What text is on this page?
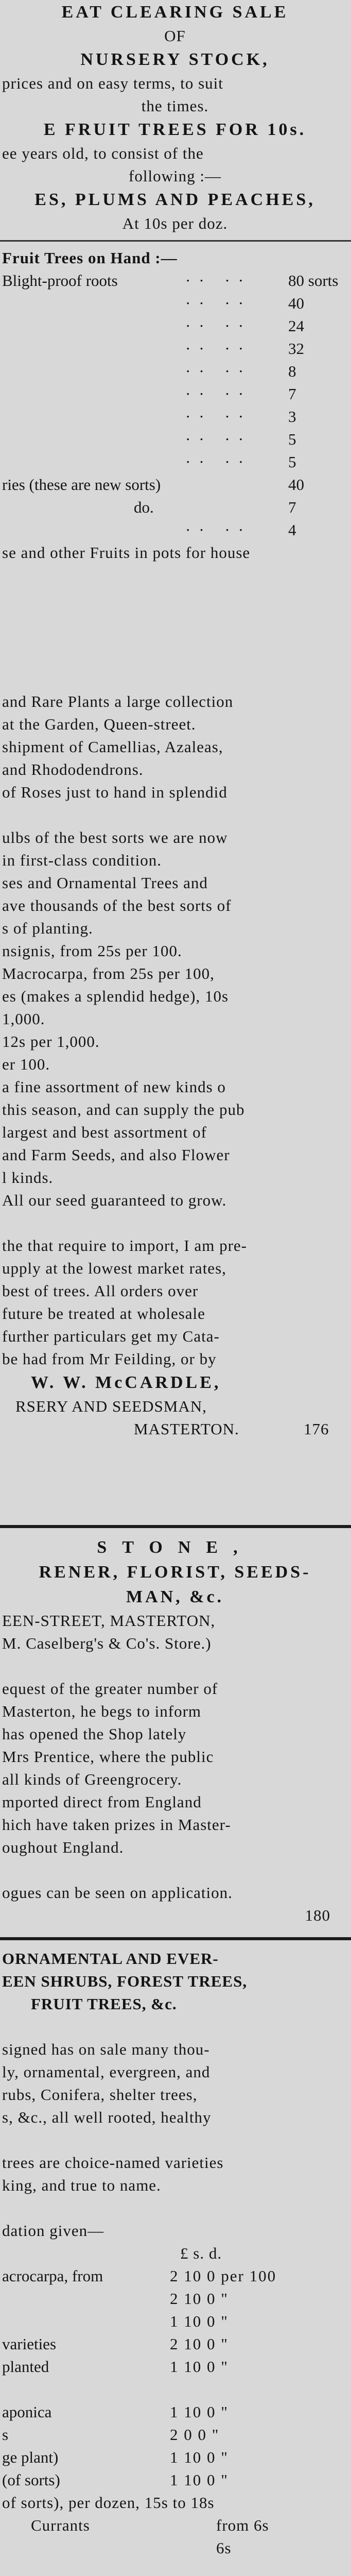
EAT CLEARING SALE

OF

NURSERY STOCK,

prices and on easy terms, to suit

the times.

E FRUIT TREES FOR 10s.

ee years old, to consist of the

following :—

ES, PLUMS AND PEACHES,

At 10s per doz.

Fruit Trees on Hand :—

Blight-proof roots	·· ·· 80 sorts
·· ·· 40
·· ·· 24
·· ·· 32
·· ·· 8
·· ·· 7
·· ·· 3
·· ·· 5
·· ·· 5
ries (these are new sorts)	40
do.	7
·· ·· 4

se and other Fruits in pots for house

and Rare Plants a large collection

at the Garden, Queen-street.

shipment of Camellias, Azaleas,

and Rhododendrons.

of Roses just to hand in splendid

ulbs of the best sorts we are now

in first-class condition.

ses and Ornamental Trees and

ave thousands of the best sorts of

s of planting.

nsignis, from 25s per 100.

Macrocarpa, from 25s per 100,

es (makes a splendid hedge), 10s

1,000.

12s per 1,000.

er 100.

a fine assortment of new kinds o

this season, and can supply the pub

largest and best assortment of

and Farm Seeds, and also Flower

l kinds.

All our seed guaranteed to grow.

the that require to import, I am pre-

upply at the lowest market rates,

best of trees. All orders over

future be treated at wholesale

further particulars get my Cata-

be had from Mr Feilding, or by

W. W. McCARDLE,

RSERY AND SEEDSMAN,

MASTERTON.	176

STONE,

RENER, FLORIST, SEEDS-

MAN, &c.

EEN-STREET, MASTERTON,

M. Caselberg's & Co's. Store.)

equest of the greater number of

Masterton, he begs to inform

has opened the Shop lately

Mrs Prentice, where the public

all kinds of Greengrocery.

mported direct from England

hich have taken prizes in Master-

oughout England.

ogues can be seen on application.

180

ORNAMENTAL AND EVER-

EEN SHRUBS, FOREST TREES,

FRUIT TREES, &c.

signed has on sale many thou-

ly, ornamental, evergreen, and

rubs, Conifera, shelter trees,

s, &c., all well rooted, healthy

trees are choice-named varieties

king, and true to name.

dation given—

£ s. d.

acrocarpa, from	2 10 0 per 100
2 10 0 "
1 10 0 "
varieties	2 10 0 "
planted	1 10 0 "
aponica	1 10 0 "
s	2 0 0 "
ge plant)	1 10 0 "
(of sorts)	1 10 0 "

of sorts), per dozen, 15s to 18s

Currants	from 6s

6s
